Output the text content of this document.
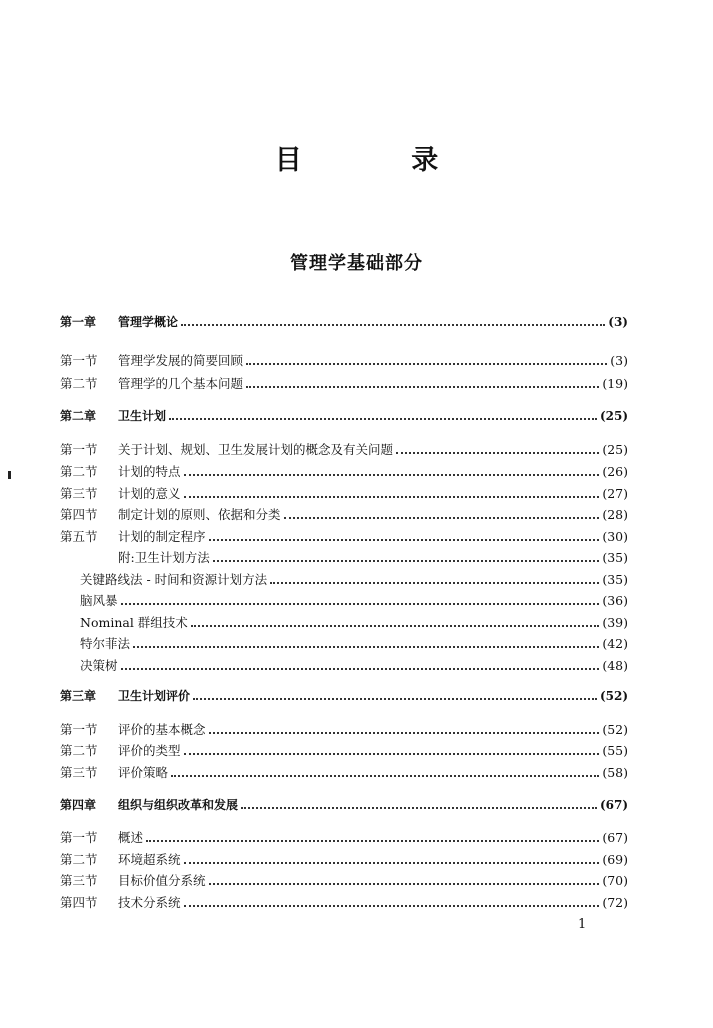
目 录
管理学基础部分
第一章	管理学概论	(3)
第一节	管理学发展的简要回顾	(3)
第二节	管理学的几个基本问题	(19)
第二章	卫生计划	(25)
第一节	关于计划、规划、卫生发展计划的概念及有关问题	(25)
第二节	计划的特点	(26)
第三节	计划的意义	(27)
第四节	制定计划的原则、依据和分类	(28)
第五节	计划的制定程序	(30)
附:卫生计划方法	(35)
关键路线法 - 时间和资源计划方法	(35)
脑风暴	(36)
Nominal 群组技术	(39)
特尔菲法	(42)
决策树	(48)
第三章	卫生计划评价	(52)
第一节	评价的基本概念	(52)
第二节	评价的类型	(55)
第三节	评价策略	(58)
第四章	组织与组织改革和发展	(67)
第一节	概述	(67)
第二节	环境超系统	(69)
第三节	目标价值分系统	(70)
第四节	技术分系统	(72)
1
